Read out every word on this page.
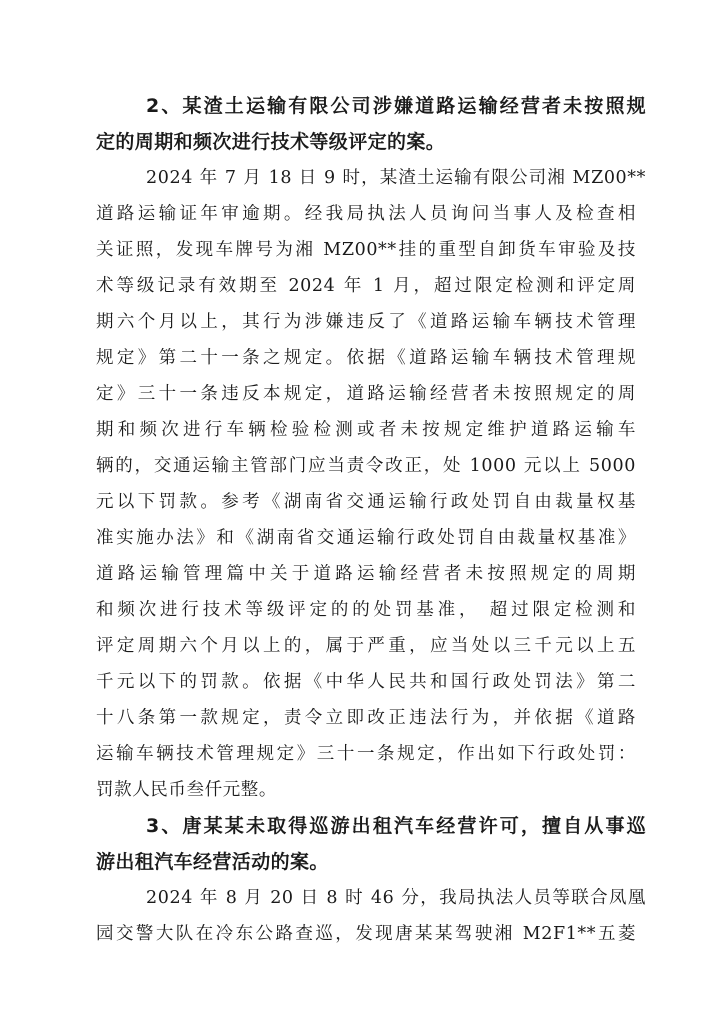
2、某渣土运输有限公司涉嫌道路运输经营者未按照规
定的周期和频次进行技术等级评定的案。
2024 年 7 月 18 日 9 时，某渣土运输有限公司湘 MZ00**
道路运输证年审逾期。经我局执法人员询问当事人及检查相
关证照，发现车牌号为湘 MZ00**挂的重型自卸货车审验及技
术等级记录有效期至 2024 年 1 月，超过限定检测和评定周
期六个月以上，其行为涉嫌违反了《道路运输车辆技术管理
规定》第二十一条之规定。依据《道路运输车辆技术管理规
定》三十一条违反本规定，道路运输经营者未按照规定的周
期和频次进行车辆检验检测或者未按规定维护道路运输车
辆的，交通运输主管部门应当责令改正，处 1000 元以上 5000
元以下罚款。参考《湖南省交通运输行政处罚自由裁量权基
准实施办法》和《湖南省交通运输行政处罚自由裁量权基准》
道路运输管理篇中关于道路运输经营者未按照规定的周期
和频次进行技术等级评定的的处罚基准， 超过限定检测和
评定周期六个月以上的，属于严重，应当处以三千元以上五
千元以下的罚款。依据《中华人民共和国行政处罚法》第二
十八条第一款规定，责令立即改正违法行为，并依据《道路
运输车辆技术管理规定》三十一条规定，作出如下行政处罚：
罚款人民币叁仟元整。
3、唐某某未取得巡游出租汽车经营许可，擅自从事巡
游出租汽车经营活动的案。
2024 年 8 月 20 日 8 时 46 分，我局执法人员等联合凤凰
园交警大队在冷东公路查巡，发现唐某某驾驶湘 M2F1**五菱
